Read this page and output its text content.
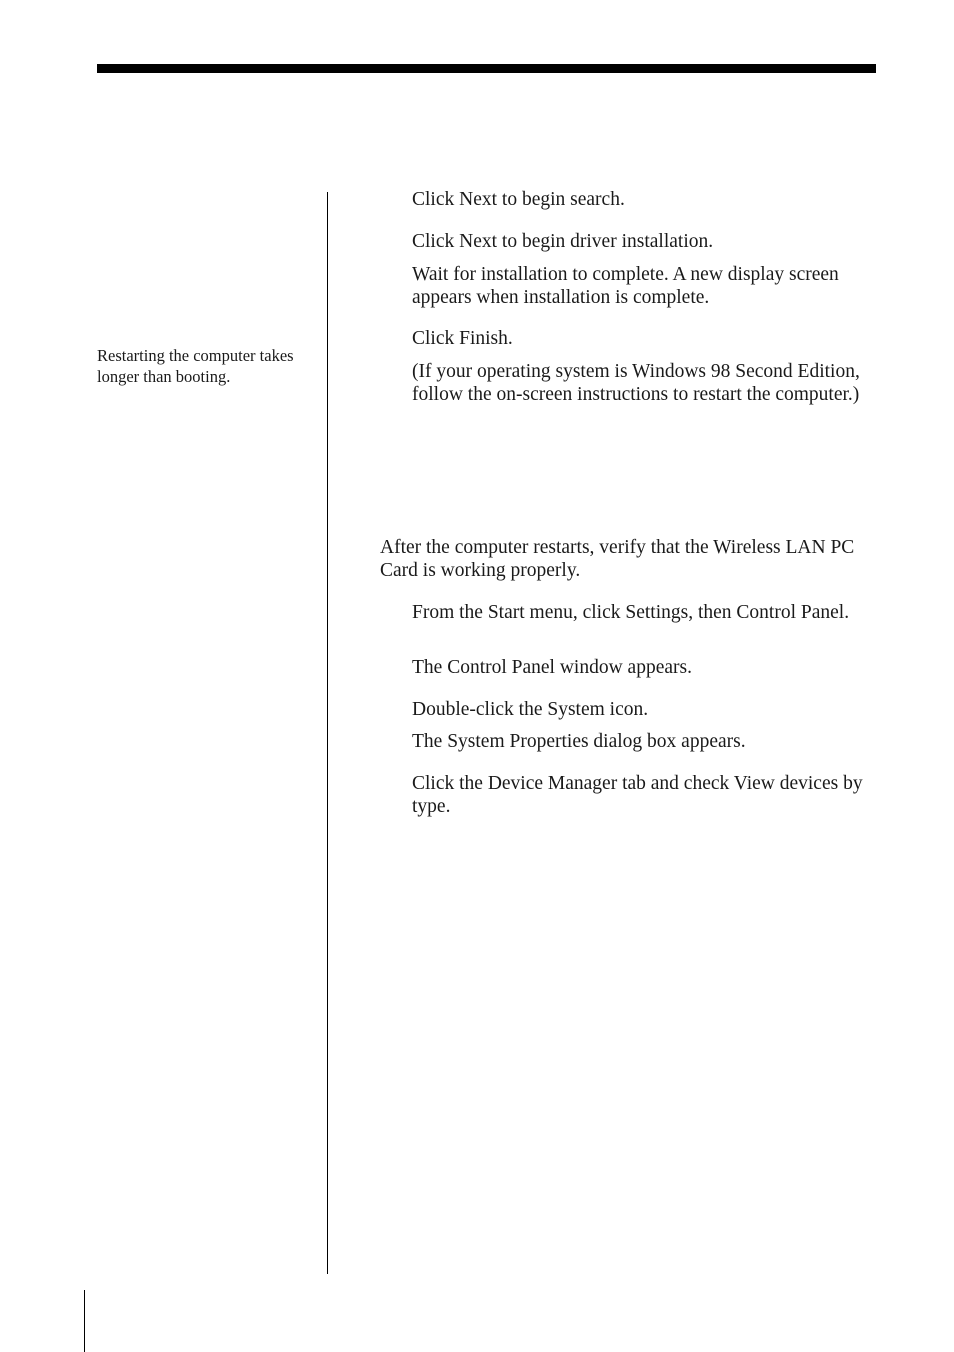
Restarting the computer takes longer than booting.

Click Next to begin search.

Click Next to begin driver installation.

Wait for installation to complete. A new display screen appears when installation is complete.

Click Finish.

(If your operating system is Windows 98 Second Edition, follow the on-screen instructions to restart the computer.)

After the computer restarts, verify that the Wireless LAN PC Card is working properly.

From the Start menu, click Settings, then Control Panel.

The Control Panel window appears.

Double-click the System icon.

The System Properties dialog box appears.

Click the Device Manager tab and check View devices by type.
